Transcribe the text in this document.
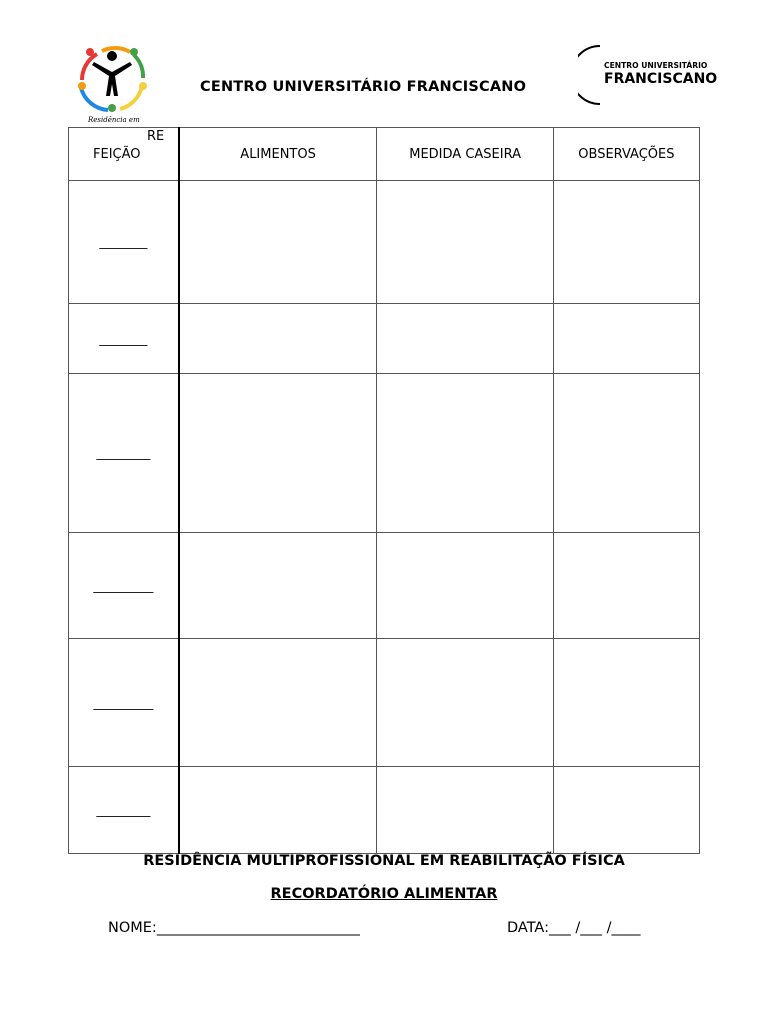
Residência em
CENTRO UNIVERSITÁRIO FRANCISCANO
CENTRO UNIVERSITÁRIO
FRANCISCANO
RE
FEIÇÃO	ALIMENTOS	MEDIDA CASEIRA	OBSERVAÇÕES
________			
________			
_________			
__________			
__________			
_________			
RESIDÊNCIA MULTIPROFISSIONAL EM REABILITAÇÃO FÍSICA
RECORDATÓRIO ALIMENTAR
NOME:____________________________	DATA:___ /___ /____
